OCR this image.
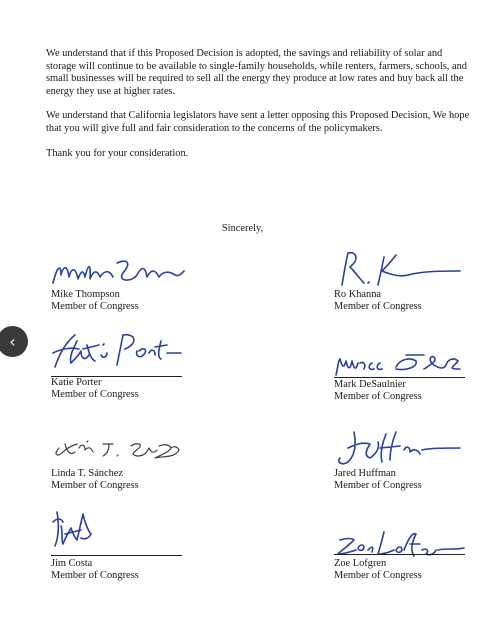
We understand that if this Proposed Decision is adopted, the savings and reliability of solar and storage will continue to be available to single-family households, while renters, farmers, schools, and small businesses will be required to sell all the energy they produce at low rates and buy back all the energy they use at higher rates.

We understand that California legislators have sent a letter opposing this Proposed Decision, We hope that you will give full and fair consideration to the concerns of the policymakers.

Thank you for your consideration.

Sincerely,
Mike Thompson
Member of Congress
Ro Khanna
Member of Congress
Katie Porter
Member of Congress
Mark DeSaulnier
Member of Congress
Linda T. Sánchez
Member of Congress
Jared Huffman
Member of Congress
Jim Costa
Member of Congress
Zoe Lofgren
Member of Congress
‹
